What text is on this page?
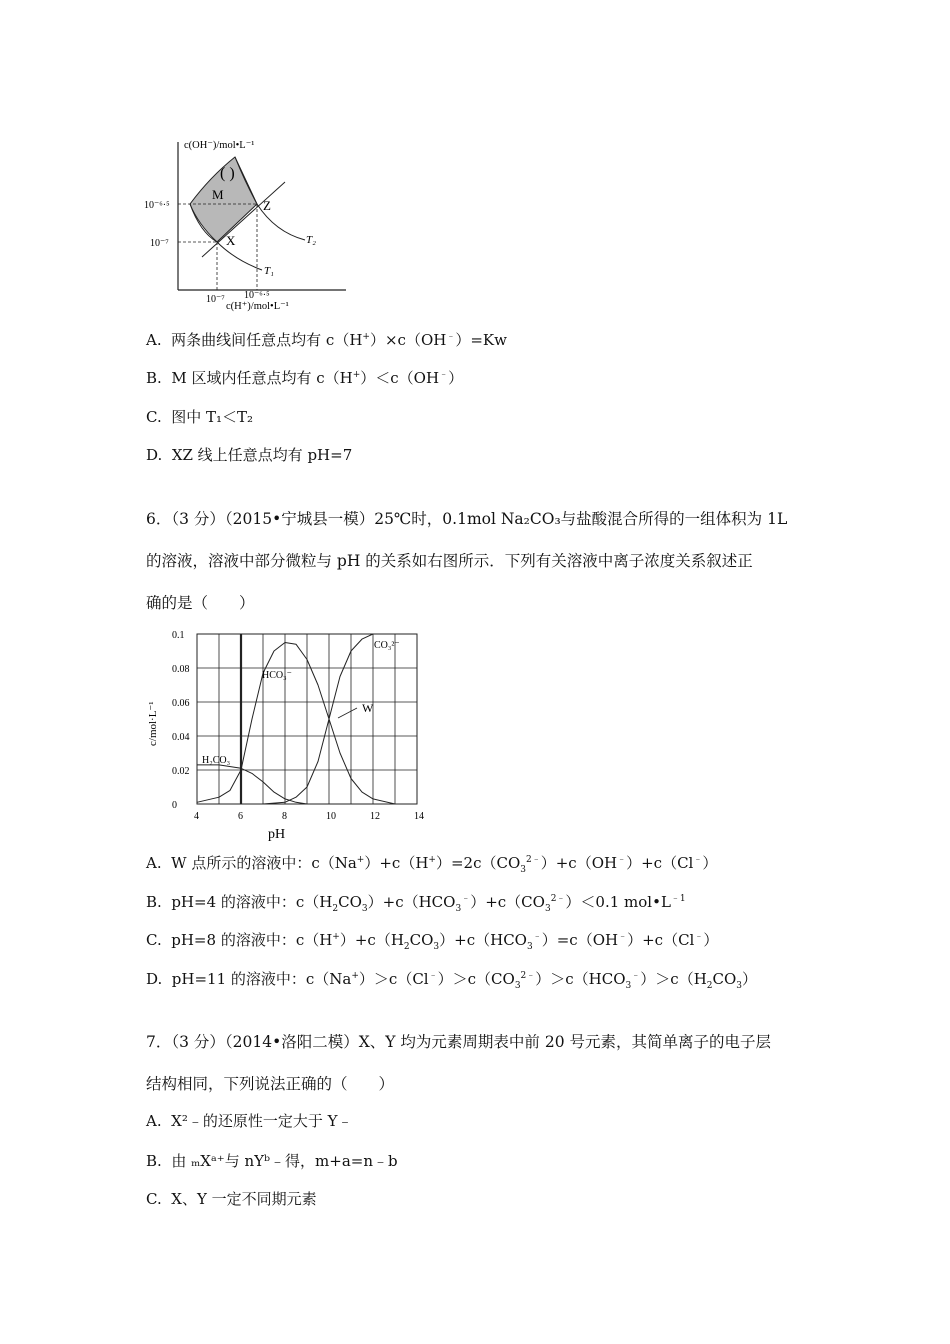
c(OH⁻)/mol•L⁻¹
c(H⁺)/mol•L⁻¹
10⁻⁶·⁵
10⁻⁷
10⁻⁷ 10⁻⁶·⁵
M
Z
X	T₂
T₁
( )
A. 两条曲线间任意点均有 c（H+）×c（OH﹣）=Kw
B. M 区域内任意点均有 c（H+）＜c（OH﹣）
C. 图中 T₁＜T₂
D. XZ 线上任意点均有 pH=7
6．（3 分）（2015•宁城县一模）25℃时，0.1mol Na₂CO₃与盐酸混合所得的一组体积为 1L
的溶液，溶液中部分微粒与 pH 的关系如右图所示．下列有关溶液中离子浓度关系叙述正
确的是（　　）
0.1
0.08
0.06
0.04
0.02
0
4	6	8	10	12	14
c/mol·L⁻¹
pH
HCO₃⁻
CO₃²⁻
H₂CO₃
W
A.  W 点所示的溶液中：$c(Na^+)+c(H^+)=2c(CO_3^{2﹣})+c(OH^﹣)+c(Cl^﹣)$
B.  pH=4 的溶液中：$c(H_2CO_3)+c(HCO_3^﹣)+c(CO_3^{2﹣})<0.1$ $mol•L^{﹣1}$
C.  pH=8 的溶液中：$c(H^+)+c(H_2CO_3)+c(HCO_3^﹣)=c(OH^﹣)+c(Cl^﹣)$
D.  pH=11 的溶液中：$c(Na^+)>c(Cl^﹣)>c(CO_3^{2﹣})>c(HCO_3^﹣)>c(H_2CO_3)$
7．（3 分）（2014•洛阳二模）X、Y 均为元素周期表中前 20 号元素，其简单离子的电子层
结构相同，下列说法正确的（　　）
A. X²﹣的还原性一定大于 Y﹣
B. 由 ₘXᵃ⁺与 nYᵇ﹣得，m+a=n﹣b
C. X、Y 一定不同期元素
